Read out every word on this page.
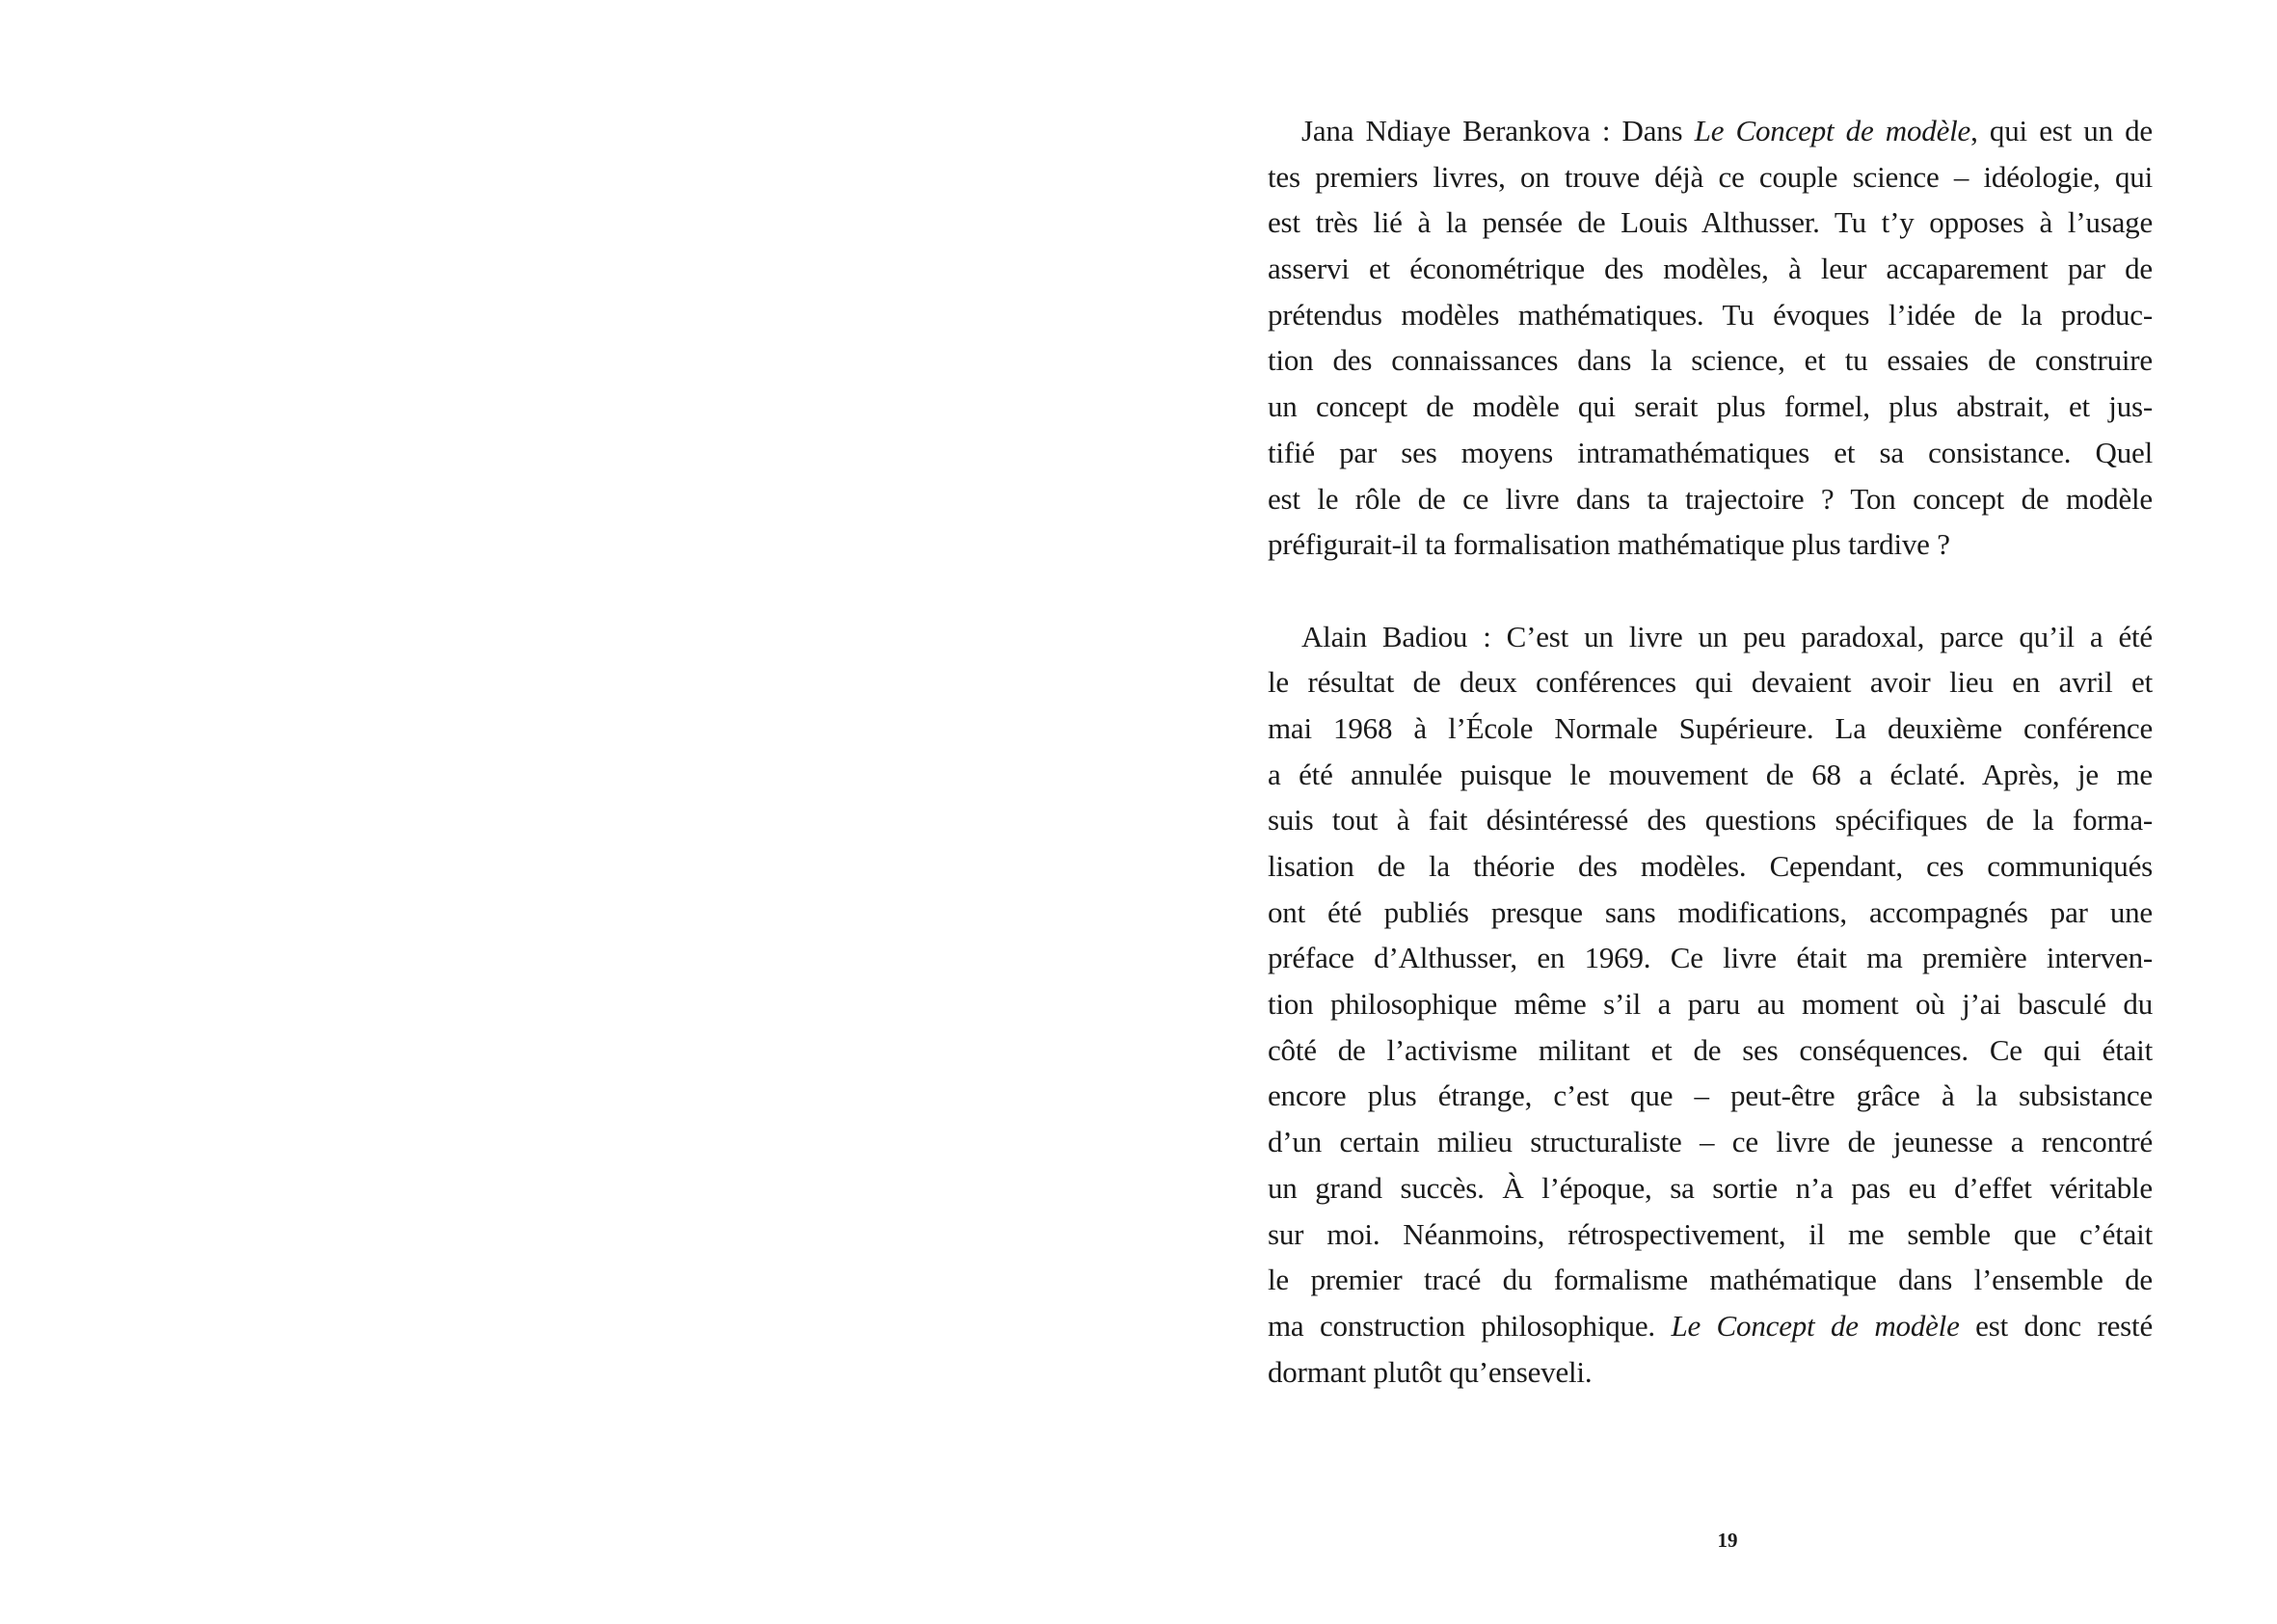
Jana Ndiaye Berankova : Dans Le Concept de modèle, qui est un de
tes premiers livres, on trouve déjà ce couple science – idéologie, qui
est très lié à la pensée de Louis Althusser. Tu t’y opposes à l’usage
asservi et économétrique des modèles, à leur accaparement par de
prétendus modèles mathématiques. Tu évoques l’idée de la produc-
tion des connaissances dans la science, et tu essaies de construire
un concept de modèle qui serait plus formel, plus abstrait, et jus-
tifié par ses moyens intramathématiques et sa consistance. Quel
est le rôle de ce livre dans ta trajectoire ? Ton concept de modèle
préfigurait-il ta formalisation mathématique plus tardive ?
Alain Badiou : C’est un livre un peu paradoxal, parce qu’il a été
le résultat de deux conférences qui devaient avoir lieu en avril et
mai 1968 à l’École Normale Supérieure. La deuxième conférence
a été annulée puisque le mouvement de 68 a éclaté. Après, je me
suis tout à fait désintéressé des questions spécifiques de la forma-
lisation de la théorie des modèles. Cependant, ces communiqués
ont été publiés presque sans modifications, accompagnés par une
préface d’Althusser, en 1969. Ce livre était ma première interven-
tion philosophique même s’il a paru au moment où j’ai basculé du
côté de l’activisme militant et de ses conséquences. Ce qui était
encore plus étrange, c’est que – peut-être grâce à la subsistance
d’un certain milieu structuraliste – ce livre de jeunesse a rencontré
un grand succès. À l’époque, sa sortie n’a pas eu d’effet véritable
sur moi. Néanmoins, rétrospectivement, il me semble que c’était
le premier tracé du formalisme mathématique dans l’ensemble de
ma construction philosophique. Le Concept de modèle est donc resté
dormant plutôt qu’enseveli.
19
